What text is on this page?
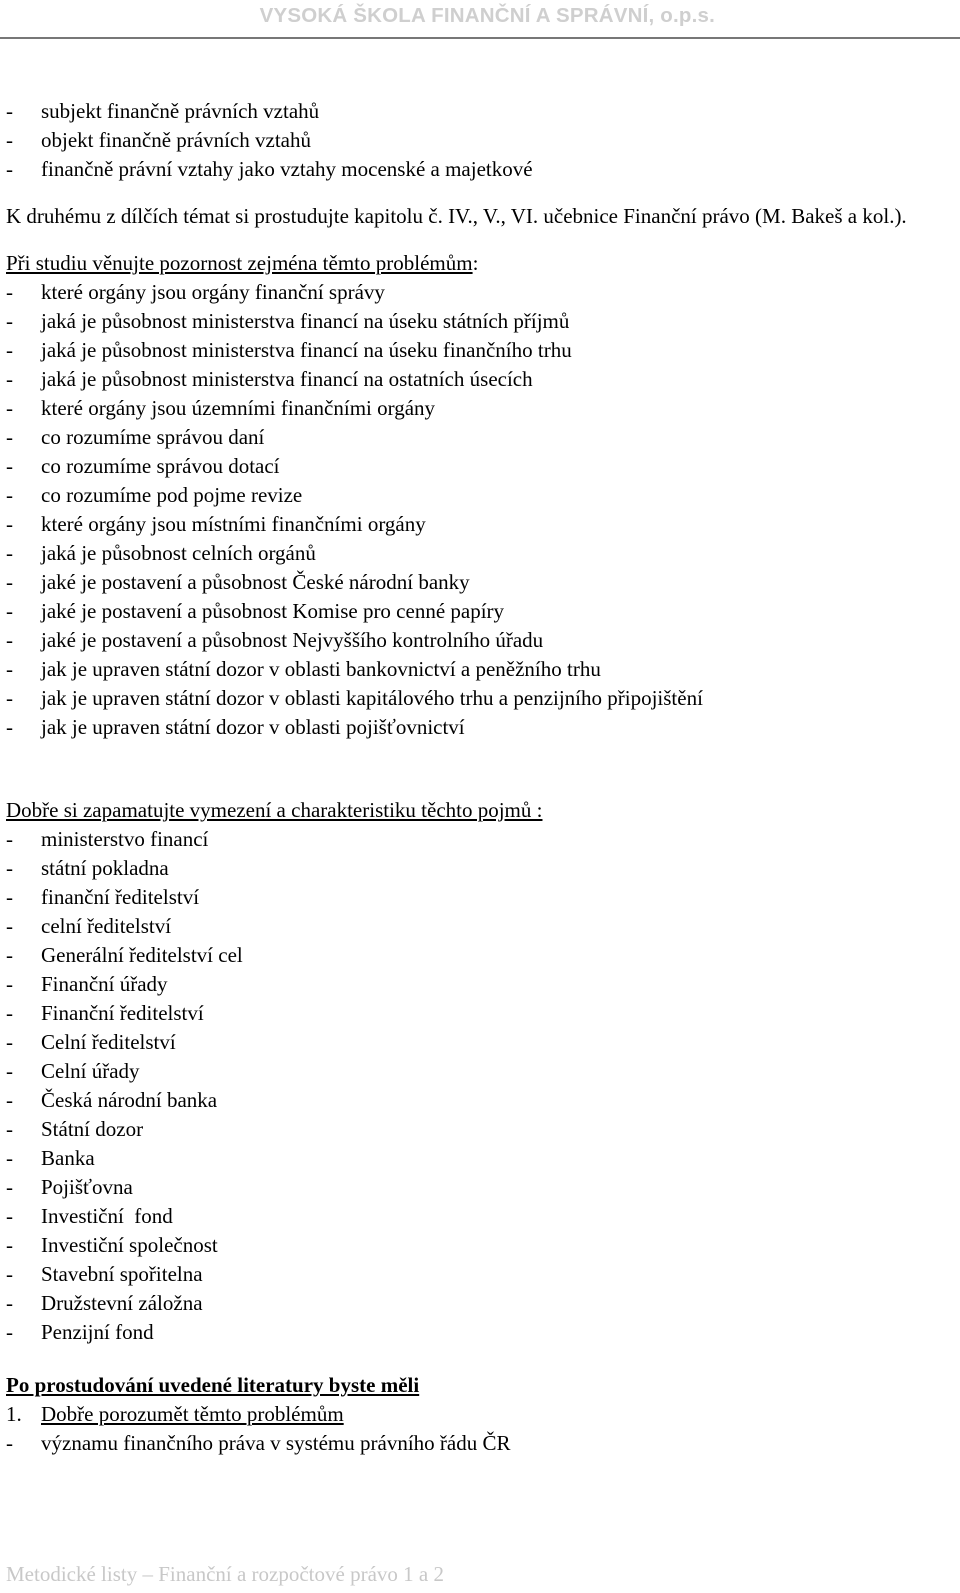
VYSOKÁ ŠKOLA FINANČNÍ A SPRÁVNÍ, o.p.s.
-	subjekt finančně právních vztahů
-	objekt finančně právních vztahů
-	finančně právní vztahy jako vztahy mocenské a majetkové
K druhému z dílčích témat si prostudujte kapitolu č. IV., V., VI. učebnice Finanční právo (M. Bakeš a kol.).
Při studiu věnujte pozornost zejména těmto problémům:
-	které orgány jsou orgány finanční správy
-	jaká je působnost ministerstva financí na úseku státních příjmů
-	jaká je působnost ministerstva financí na úseku finančního trhu
-	jaká je působnost ministerstva financí na ostatních úsecích
-	které orgány jsou územními finančními orgány
-	co rozumíme správou daní
-	co rozumíme správou dotací
-	co rozumíme pod pojme revize
-	které orgány jsou místními finančními orgány
-	jaká je působnost celních orgánů
-	jaké je postavení a působnost České národní banky
-	jaké je postavení a působnost Komise pro cenné papíry
-	jaké je postavení a působnost Nejvyššího kontrolního úřadu
-	jak je upraven státní dozor v oblasti bankovnictví a peněžního trhu
-	jak je upraven státní dozor v oblasti kapitálového trhu a penzijního připojištění
-	jak je upraven státní dozor v oblasti pojišťovnictví
Dobře si zapamatujte vymezení a charakteristiku těchto pojmů :
-	ministerstvo financí
-	státní pokladna
-	finanční ředitelství
-	celní ředitelství
-	Generální ředitelství cel
-	Finanční úřady
-	Finanční ředitelství
-	Celní ředitelství
-	Celní úřady
-	Česká národní banka
-	Státní dozor
-	Banka
-	Pojišťovna
-	Investiční  fond
-	Investiční společnost
-	Stavební spořitelna
-	Družstevní záložna
-	Penzijní fond
Po prostudování uvedené literatury byste měli
1. Dobře porozumět těmto problémům
-	významu finančního práva v systému právního řádu ČR
Metodické listy – Finanční a rozpočtové právo 1 a 2
